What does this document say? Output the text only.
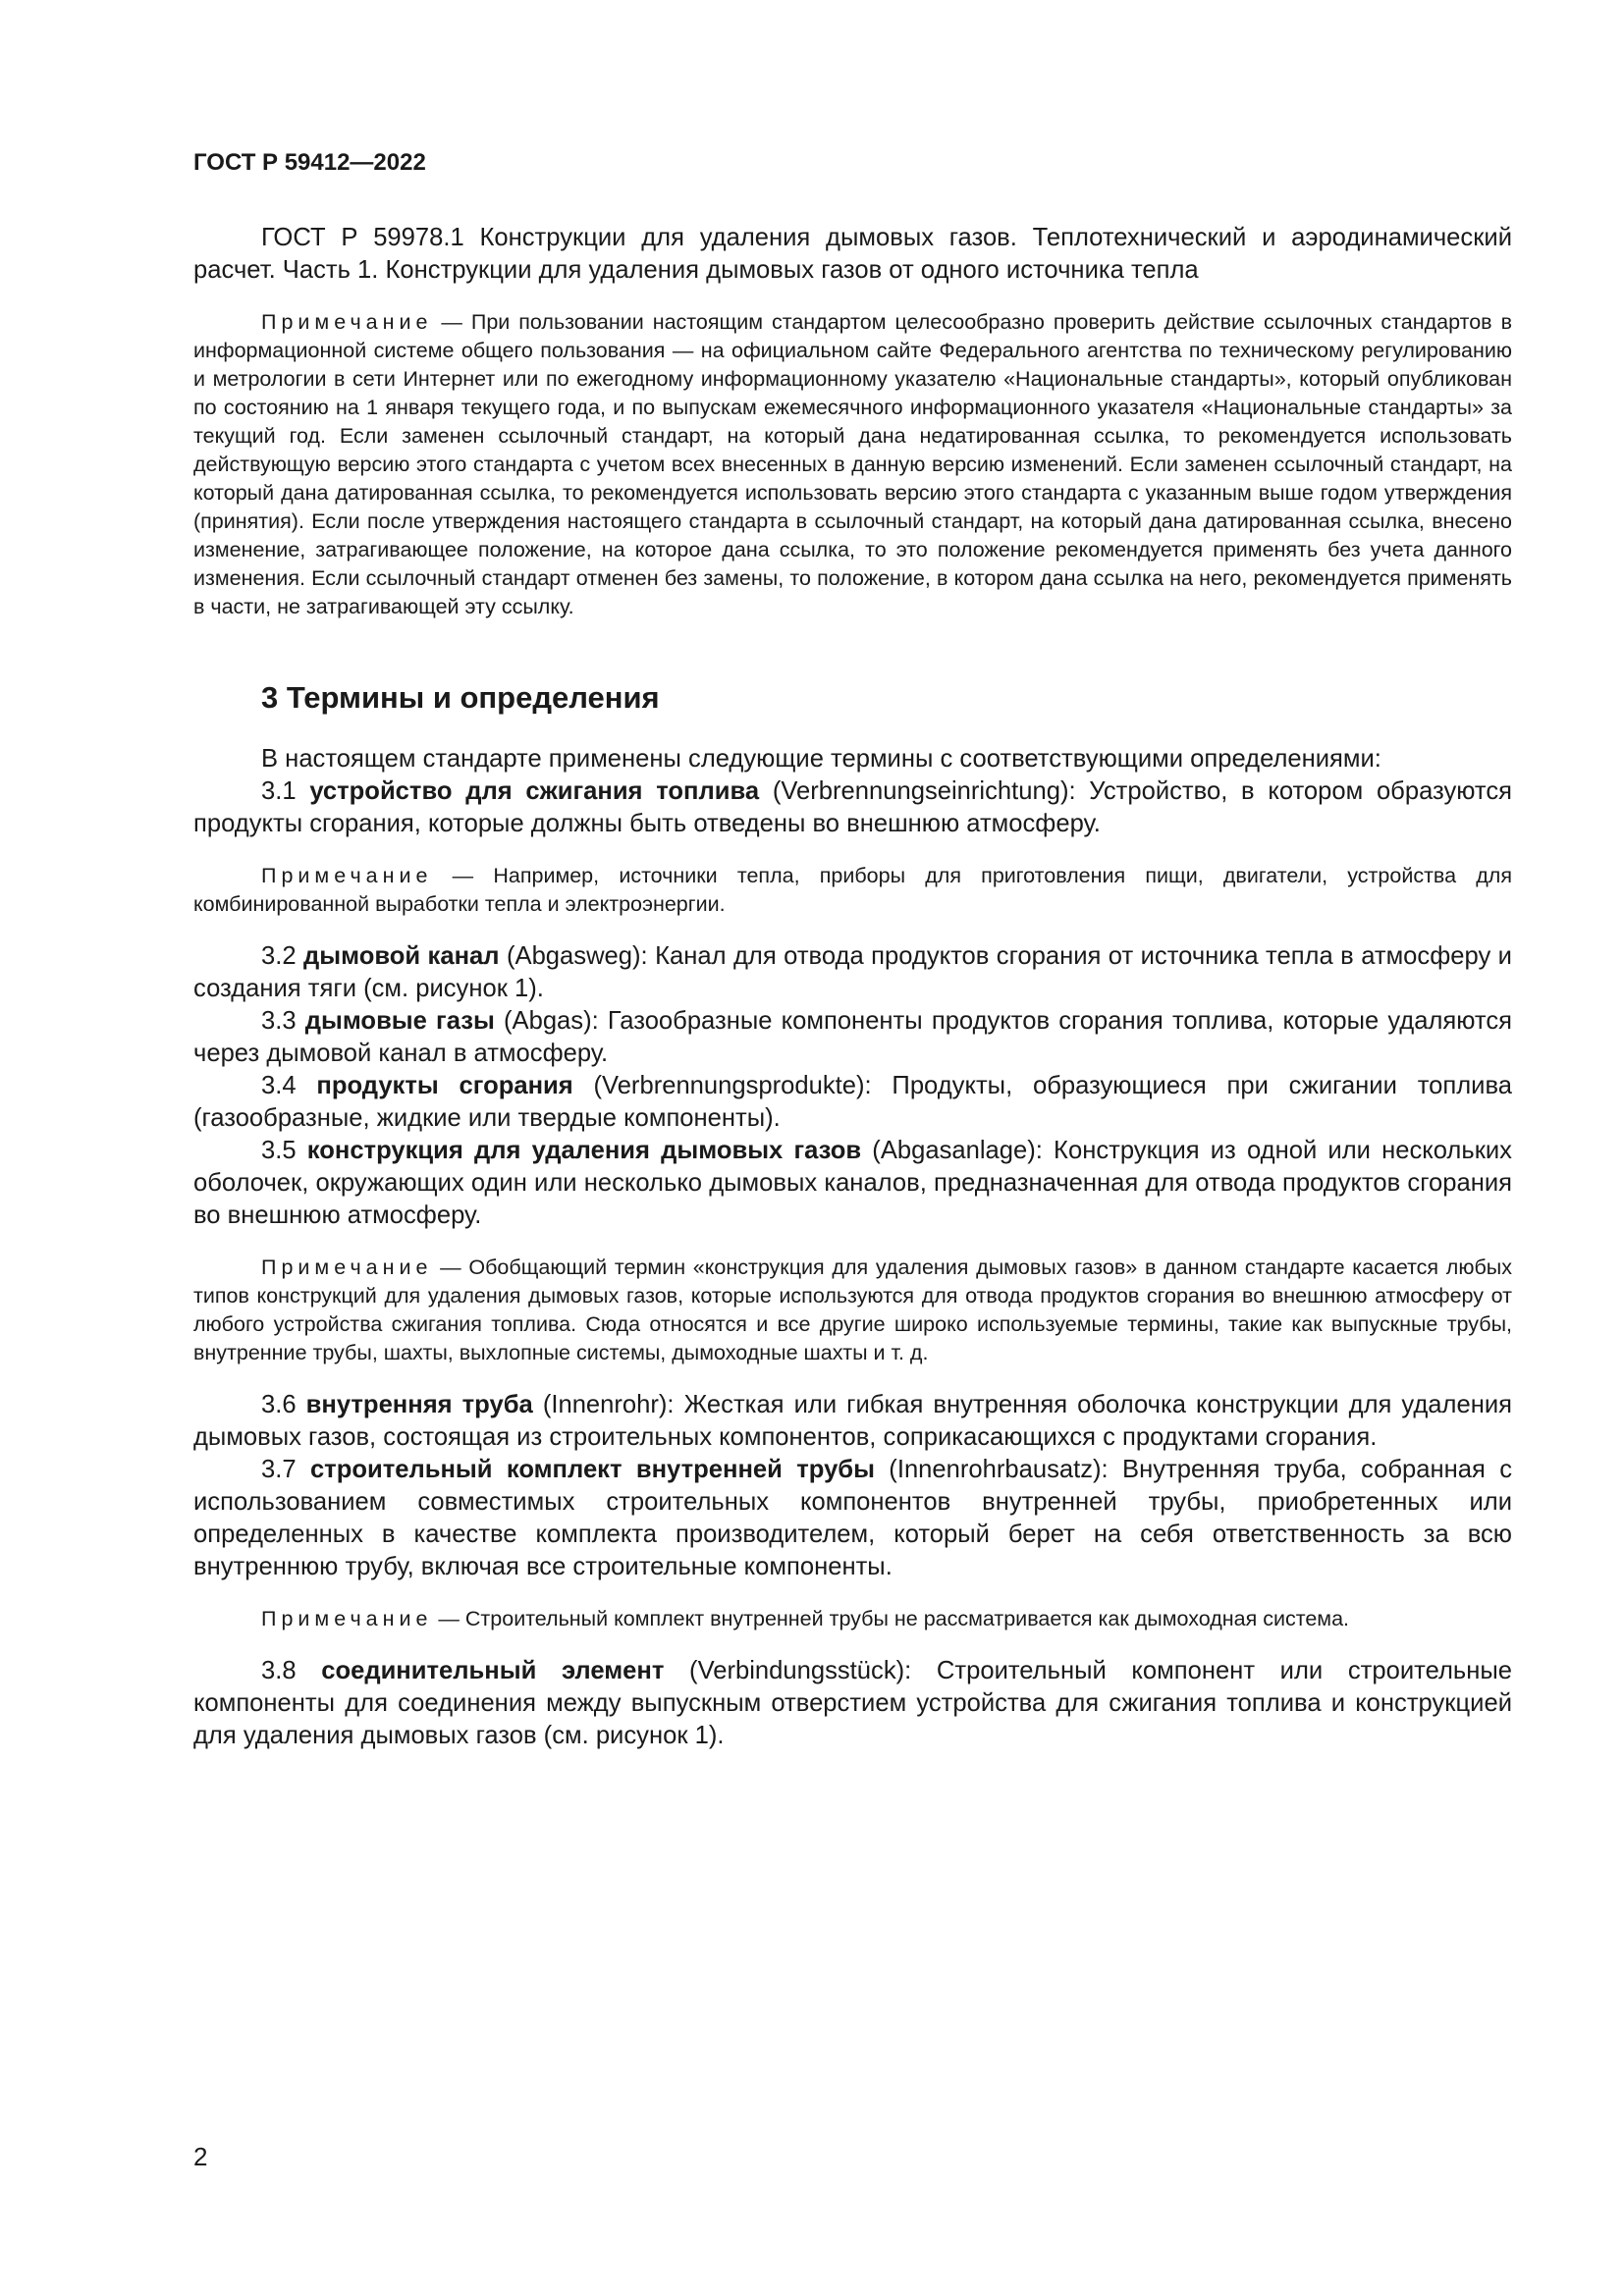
ГОСТ Р 59412—2022

ГОСТ Р 59978.1 Конструкции для удаления дымовых газов. Теплотехнический и аэродинамический расчет. Часть 1. Конструкции для удаления дымовых газов от одного источника тепла

Примечание — При пользовании настоящим стандартом целесообразно проверить действие ссылочных стандартов в информационной системе общего пользования — на официальном сайте Федерального агентства по техническому регулированию и метрологии в сети Интернет или по ежегодному информационному указателю «Национальные стандарты», который опубликован по состоянию на 1 января текущего года, и по выпускам ежемесячного информационного указателя «Национальные стандарты» за текущий год. Если заменен ссылочный стандарт, на который дана недатированная ссылка, то рекомендуется использовать действующую версию этого стандарта с учетом всех внесенных в данную версию изменений. Если заменен ссылочный стандарт, на который дана датированная ссылка, то рекомендуется использовать версию этого стандарта с указанным выше годом утверждения (принятия). Если после утверждения настоящего стандарта в ссылочный стандарт, на который дана датированная ссылка, внесено изменение, затрагивающее положение, на которое дана ссылка, то это положение рекомендуется применять без учета данного изменения. Если ссылочный стандарт отменен без замены, то положение, в котором дана ссылка на него, рекомендуется применять в части, не затрагивающей эту ссылку.

3 Термины и определения

В настоящем стандарте применены следующие термины с соответствующими определениями:

3.1 устройство для сжигания топлива (Verbrennungseinrichtung): Устройство, в котором образуются продукты сгорания, которые должны быть отведены во внешнюю атмосферу.

Примечание — Например, источники тепла, приборы для приготовления пищи, двигатели, устройства для комбинированной выработки тепла и электроэнергии.

3.2 дымовой канал (Abgasweg): Канал для отвода продуктов сгорания от источника тепла в атмосферу и создания тяги (см. рисунок 1).

3.3 дымовые газы (Abgas): Газообразные компоненты продуктов сгорания топлива, которые удаляются через дымовой канал в атмосферу.

3.4 продукты сгорания (Verbrennungsprodukte): Продукты, образующиеся при сжигании топлива (газообразные, жидкие или твердые компоненты).

3.5 конструкция для удаления дымовых газов (Abgasanlage): Конструкция из одной или нескольких оболочек, окружающих один или несколько дымовых каналов, предназначенная для отвода продуктов сгорания во внешнюю атмосферу.

Примечание — Обобщающий термин «конструкция для удаления дымовых газов» в данном стандарте касается любых типов конструкций для удаления дымовых газов, которые используются для отвода продуктов сгорания во внешнюю атмосферу от любого устройства сжигания топлива. Сюда относятся и все другие широко используемые термины, такие как выпускные трубы, внутренние трубы, шахты, выхлопные системы, дымоходные шахты и т. д.

3.6 внутренняя труба (Innenrohr): Жесткая или гибкая внутренняя оболочка конструкции для удаления дымовых газов, состоящая из строительных компонентов, соприкасающихся с продуктами сгорания.

3.7 строительный комплект внутренней трубы (Innenrohrbausatz): Внутренняя труба, собранная с использованием совместимых строительных компонентов внутренней трубы, приобретенных или определенных в качестве комплекта производителем, который берет на себя ответственность за всю внутреннюю трубу, включая все строительные компоненты.

Примечание — Строительный комплект внутренней трубы не рассматривается как дымоходная система.

3.8 соединительный элемент (Verbindungsstück): Строительный компонент или строительные компоненты для соединения между выпускным отверстием устройства для сжигания топлива и конструкцией для удаления дымовых газов (см. рисунок 1).

2
